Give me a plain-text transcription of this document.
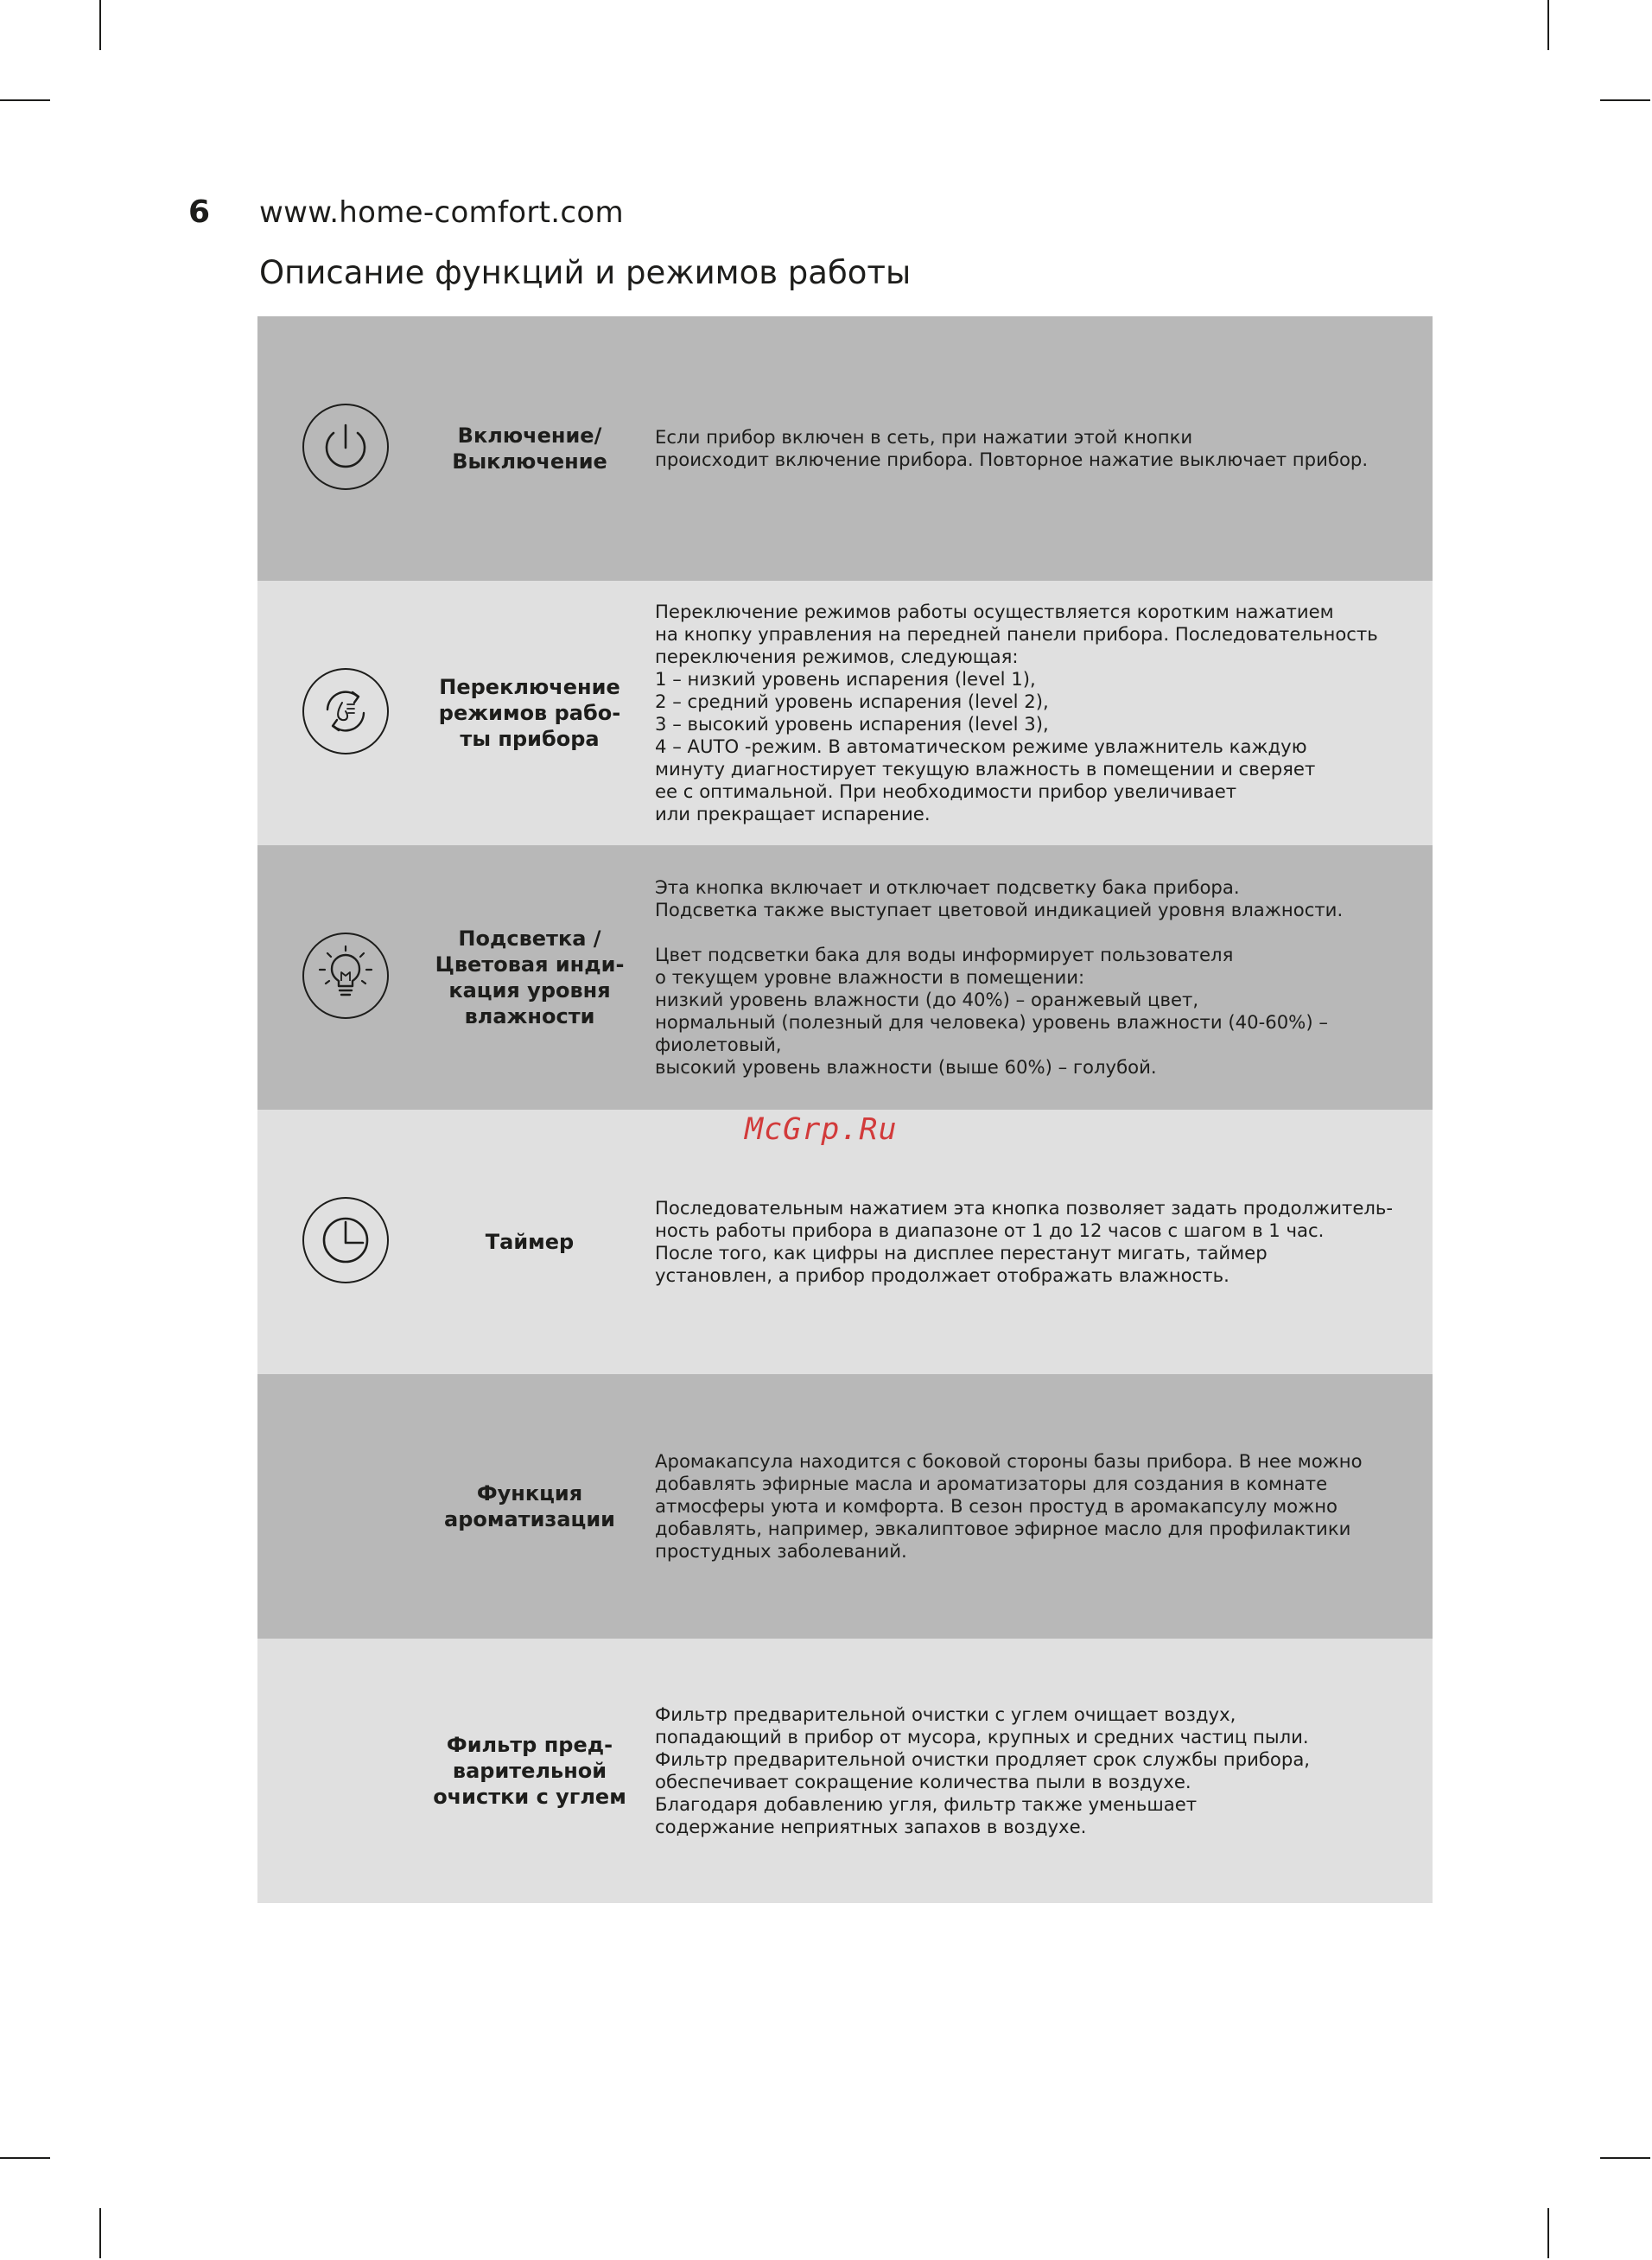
6 www.home-comfort.com
Описание функций и режимов работы
Включение/
Выключение
Если прибор включен в сеть, при нажатии этой кнопки
происходит включение прибора. Повторное нажатие выключает прибор.
Переключение
режимов рабо-
ты прибора
Переключение режимов работы осуществляется коротким нажатием
на кнопку управления на передней панели прибора. Последовательность
переключения режимов, следующая:
1 – низкий уровень испарения (level 1),
2 – средний уровень испарения (level 2),
3 – высокий уровень испарения (level 3),
4 – AUTO -режим. В автоматическом режиме увлажнитель каждую
минуту диагностирует текущую влажность в помещении и сверяет
ее с оптимальной. При необходимости прибор увеличивает
или прекращает испарение.
Подсветка /
Цветовая инди-
кация уровня
влажности
Эта кнопка включает и отключает подсветку бака прибора.
Подсветка также выступает цветовой индикацией уровня влажности.

Цвет подсветки бака для воды информирует пользователя
о текущем уровне влажности в помещении:
низкий уровень влажности (до 40%) – оранжевый цвет,
нормальный (полезный для человека) уровень влажности (40-60%) – фиолетовый,
высокий уровень влажности (выше 60%) – голубой.
Таймер
Последовательным нажатием эта кнопка позволяет задать продолжитель-
ность работы прибора в диапазоне от 1 до 12 часов с шагом в 1 час.
После того, как цифры на дисплее перестанут мигать, таймер
установлен, а прибор продолжает отображать влажность.
Функция
ароматизации
Аромакапсула находится с боковой стороны базы прибора. В нее можно
добавлять эфирные масла и ароматизаторы для создания в комнате
атмосферы уюта и комфорта. В сезон простуд в аромакапсулу можно
добавлять, например, эвкалиптовое эфирное масло для профилактики
простудных заболеваний.
Фильтр пред-
варительной
очистки с углем
Фильтр предварительной очистки с углем очищает воздух,
попадающий в прибор от мусора, крупных и средних частиц пыли.
Фильтр предварительной очистки продляет срок службы прибора,
обеспечивает сокращение количества пыли в воздухе.
Благодаря добавлению угля, фильтр также уменьшает
содержание неприятных запахов в воздухе.
McGrp.Ru
